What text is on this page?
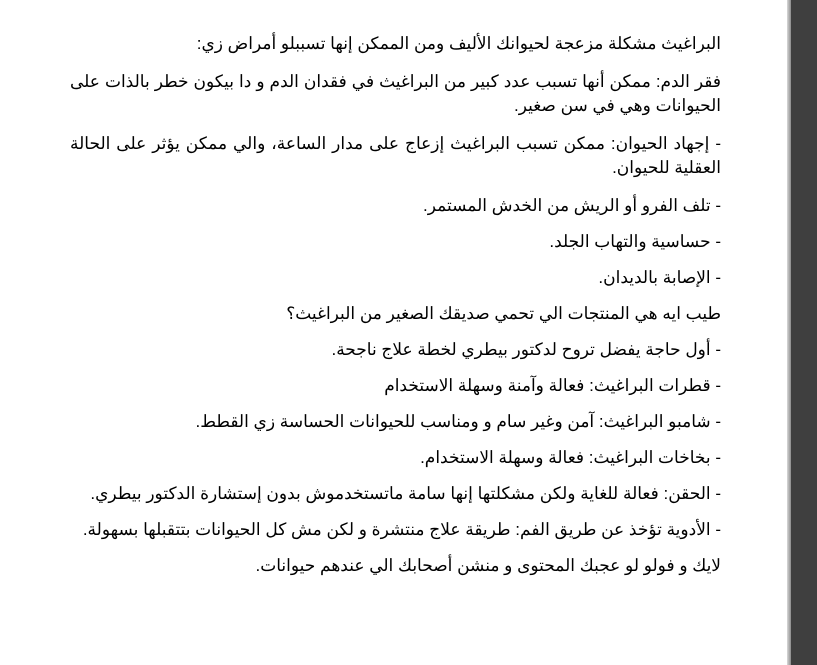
البراغيث مشكلة مزعجة لحيوانك الأليف ومن الممكن إنها تسببلو أمراض زي:

فقر الدم: ممكن أنها تسبب عدد كبير من البراغيث في فقدان الدم و دا بيكون خطر بالذات على الحيوانات وهي في سن صغير.

- إجهاد الحيوان: ممكن تسبب البراغيث إزعاج على مدار الساعة، والي ممكن يؤثر على الحالة العقلية للحيوان.

- تلف الفرو أو الريش من الخدش المستمر.

- حساسية والتهاب الجلد.

- الإصابة بالديدان.

طيب ايه هي المنتجات الي تحمي صديقك الصغير من البراغيث؟

- أول حاجة يفضل تروح لدكتور بيطري لخطة علاج ناجحة.

- قطرات البراغيث: فعالة وآمنة وسهلة الاستخدام

- شامبو البراغيث: آمن وغير سام و ومناسب للحيوانات الحساسة زي القطط.

- بخاخات البراغيث: فعالة وسهلة الاستخدام.

- الحقن: فعالة للغاية ولكن مشكلتها إنها سامة ماتستخدموش بدون إستشارة الدكتور بيطري.

- الأدوية تؤخذ عن طريق الفم: طريقة علاج منتشرة و لكن مش كل الحيوانات بتتقبلها بسهولة.

لايك و فولو لو عجبك المحتوى و منشن أصحابك الي عندهم حيوانات.
